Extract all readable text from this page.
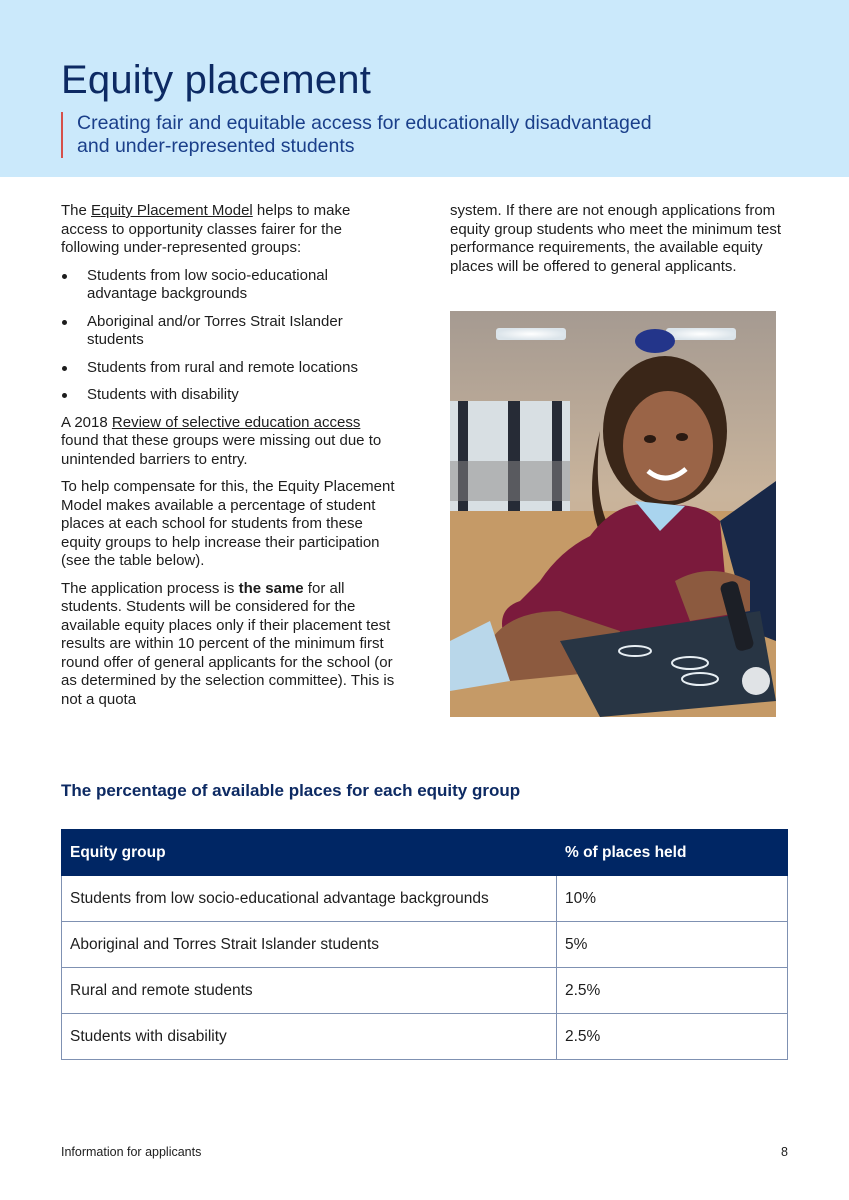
Equity placement
Creating fair and equitable access for educationally disadvantaged
and under-represented students

The Equity Placement Model helps to make access to opportunity classes fairer for the following under-represented groups:

Students from low socio-educational advantage backgrounds
Aboriginal and/or Torres Strait Islander students
Students from rural and remote locations
Students with disability

A 2018 Review of selective education access found that these groups were missing out due to unintended barriers to entry.

To help compensate for this, the Equity Placement Model makes available a percentage of student places at each school for students from these equity groups to help increase their participation (see the table below).

The application process is the same for all students. Students will be considered for the available equity places only if their placement test results are within 10 percent of the minimum first round offer of general applicants for the school (or as determined by the selection committee). This is not a quota

system. If there are not enough applications from equity group students who meet the minimum test performance requirements, the available equity places will be offered to general applicants.

The percentage of available places for each equity group
Equity group	% of places held
Students from low socio-educational advantage backgrounds	10%
Aboriginal and Torres Strait Islander students	5%
Rural and remote students	2.5%
Students with disability	2.5%
Information for applicants	8
